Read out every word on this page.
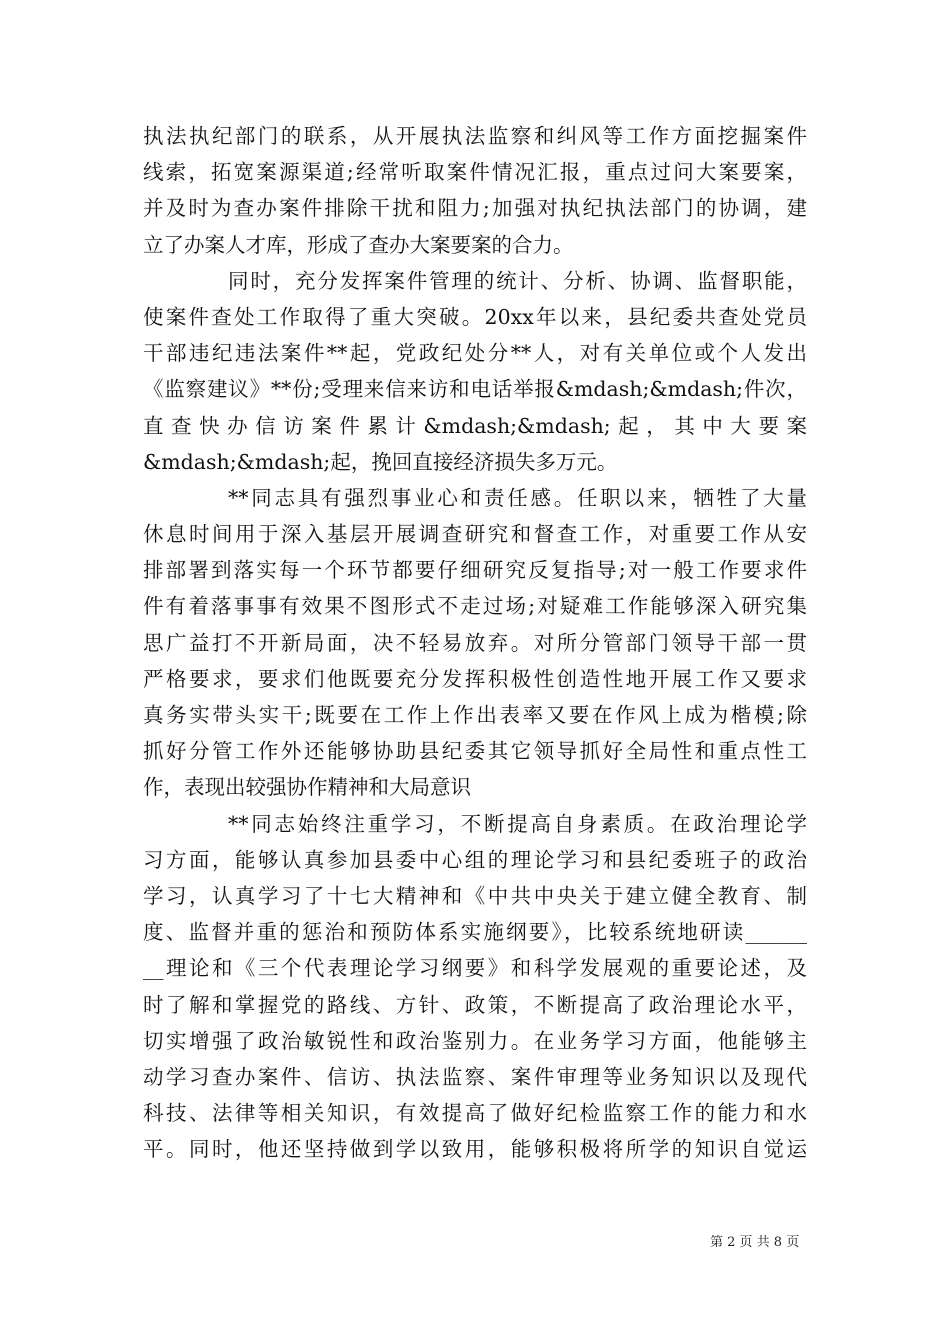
执法执纪部门的联系，从开展执法监察和纠风等工作方面挖掘案件
线索，拓宽案源渠道;经常听取案件情况汇报，重点过问大案要案，
并及时为查办案件排除干扰和阻力;加强对执纪执法部门的协调，建
立了办案人才库，形成了查办大案要案的合力。
同时，充分发挥案件管理的统计、分析、协调、监督职能，
使案件查处工作取得了重大突破。20xx年以来，县纪委共查处党员
干部违纪违法案件**起，党政纪处分**人，对有关单位或个人发出
《监察建议》**份;受理来信来访和电话举报&mdash;&mdash;件次，
直查快办信访案件累计&mdash;&mdash;起，其中大要案
&mdash;&mdash;起，挽回直接经济损失多万元。
**同志具有强烈事业心和责任感。任职以来，牺牲了大量
休息时间用于深入基层开展调查研究和督查工作，对重要工作从安
排部署到落实每一个环节都要仔细研究反复指导;对一般工作要求件
件有着落事事有效果不图形式不走过场;对疑难工作能够深入研究集
思广益打不开新局面，决不轻易放弃。对所分管部门领导干部一贯
严格要求，要求们他既要充分发挥积极性创造性地开展工作又要求
真务实带头实干;既要在工作上作出表率又要在作风上成为楷模;除
抓好分管工作外还能够协助县纪委其它领导抓好全局性和重点性工
作，表现出较强协作精神和大局意识
**同志始终注重学习，不断提高自身素质。在政治理论学
习方面，能够认真参加县委中心组的理论学习和县纪委班子的政治
学习，认真学习了十七大精神和《中共中央关于建立健全教育、制
度、监督并重的惩治和预防体系实施纲要》，比较系统地研读______
__理论和《三个代表理论学习纲要》和科学发展观的重要论述，及
时了解和掌握党的路线、方针、政策，不断提高了政治理论水平，
切实增强了政治敏锐性和政治鉴别力。在业务学习方面，他能够主
动学习查办案件、信访、执法监察、案件审理等业务知识以及现代
科技、法律等相关知识，有效提高了做好纪检监察工作的能力和水
平。同时，他还坚持做到学以致用，能够积极将所学的知识自觉运
第 2 页 共 8 页
